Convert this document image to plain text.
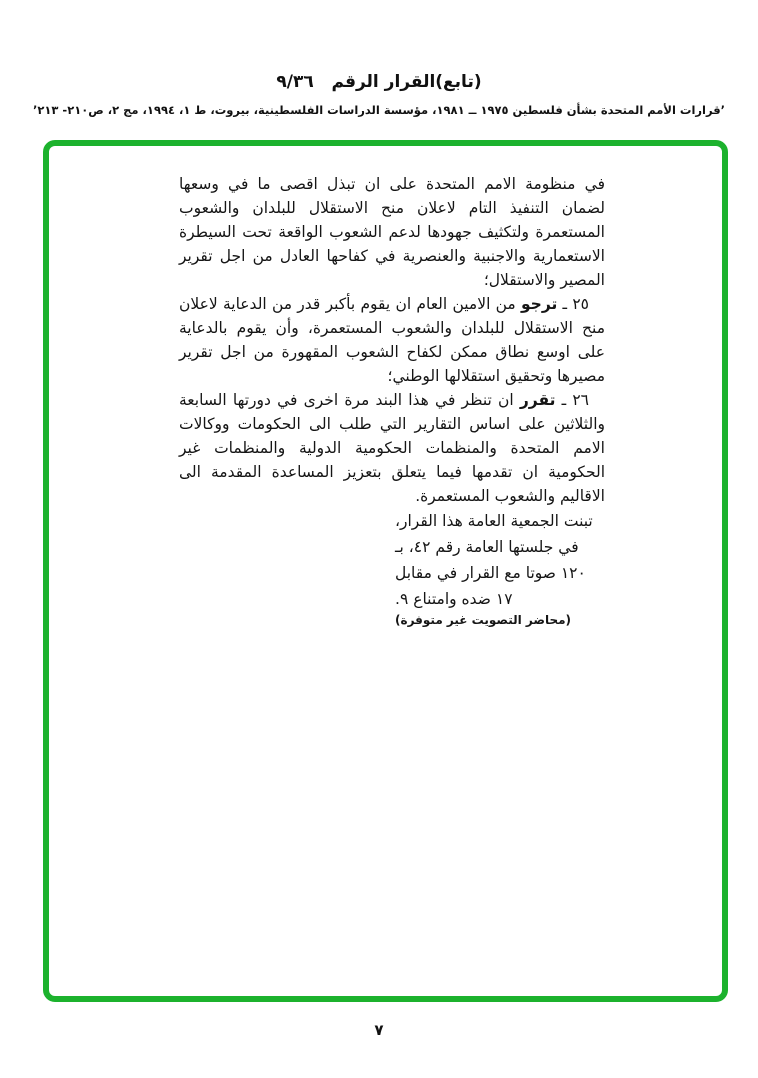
(تابع)القرار الرقم   ٩/٣٦
’قرارات الأمم المتحدة بشأن فلسطين ١٩٧٥ ــ ١٩٨١، مؤسسة الدراسات الفلسطينية، بيروت، ط ١، ١٩٩٤، مج ٢، ص٢١٠- ٢١٣’

في منظومة الامم المتحدة على ان تبذل اقصى ما في وسعها لضمان التنفيذ التام لاعلان منح الاستقلال للبلدان والشعوب المستعمرة ولتكثيف جهودها لدعم الشعوب الواقعة تحت السيطرة الاستعمارية والاجنبية والعنصرية في كفاحها العادل من اجل تقرير المصير والاستقلال؛

٢٥ ـ ترجو من الامين العام ان يقوم بأكبر قدر من الدعاية لاعلان منح الاستقلال للبلدان والشعوب المستعمرة، وأن يقوم بالدعاية على اوسع نطاق ممكن لكفاح الشعوب المقهورة من اجل تقرير مصيرها وتحقيق استقلالها الوطني؛

٢٦ ـ تقرر ان تنظر في هذا البند مرة اخرى في دورتها السابعة والثلاثين على اساس التقارير التي طلب الى الحكومات ووكالات الامم المتحدة والمنظمات الحكومية الدولية والمنظمات غير الحكومية ان تقدمها فيما يتعلق بتعزيز المساعدة المقدمة الى الاقاليم والشعوب المستعمرة.

تبنت الجمعية العامة هذا القرار، في جلستها العامة رقم ٤٢، بـ ١٢٠ صوتا مع القرار في مقابل ١٧ ضده وامتناع ٩.

(محاضر التصويت غير متوفرة)

٧
